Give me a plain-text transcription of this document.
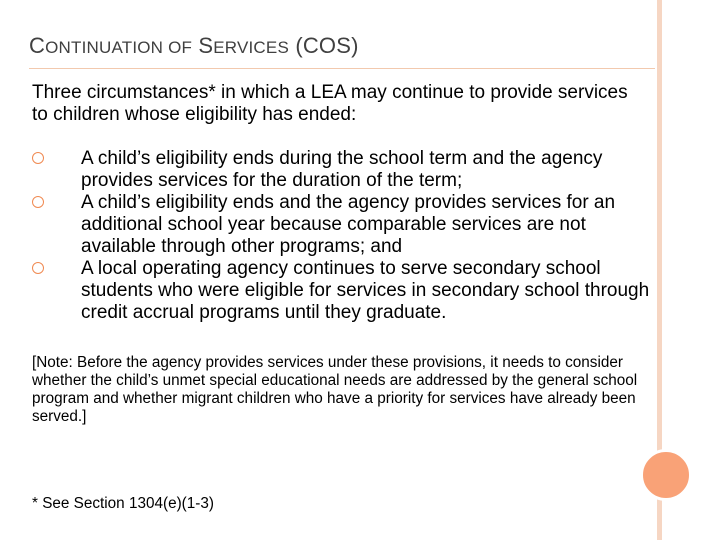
CONTINUATION OF SERVICES (COS)

Three circumstances* in which a LEA may continue to provide services to children whose eligibility has ended:

A child’s eligibility ends during the school term and the agency provides services for the duration of the term;
A child’s eligibility ends and the agency provides services for an additional school year because comparable services are not available through other programs; and
A local operating agency continues to serve secondary school students who were eligible for services in secondary school through credit accrual programs until they graduate.

[Note: Before the agency provides services under these provisions, it needs to consider whether the child’s unmet special educational needs are addressed by the general school program and whether migrant children who have a priority for services have already been served.]

* See Section 1304(e)(1-3)
